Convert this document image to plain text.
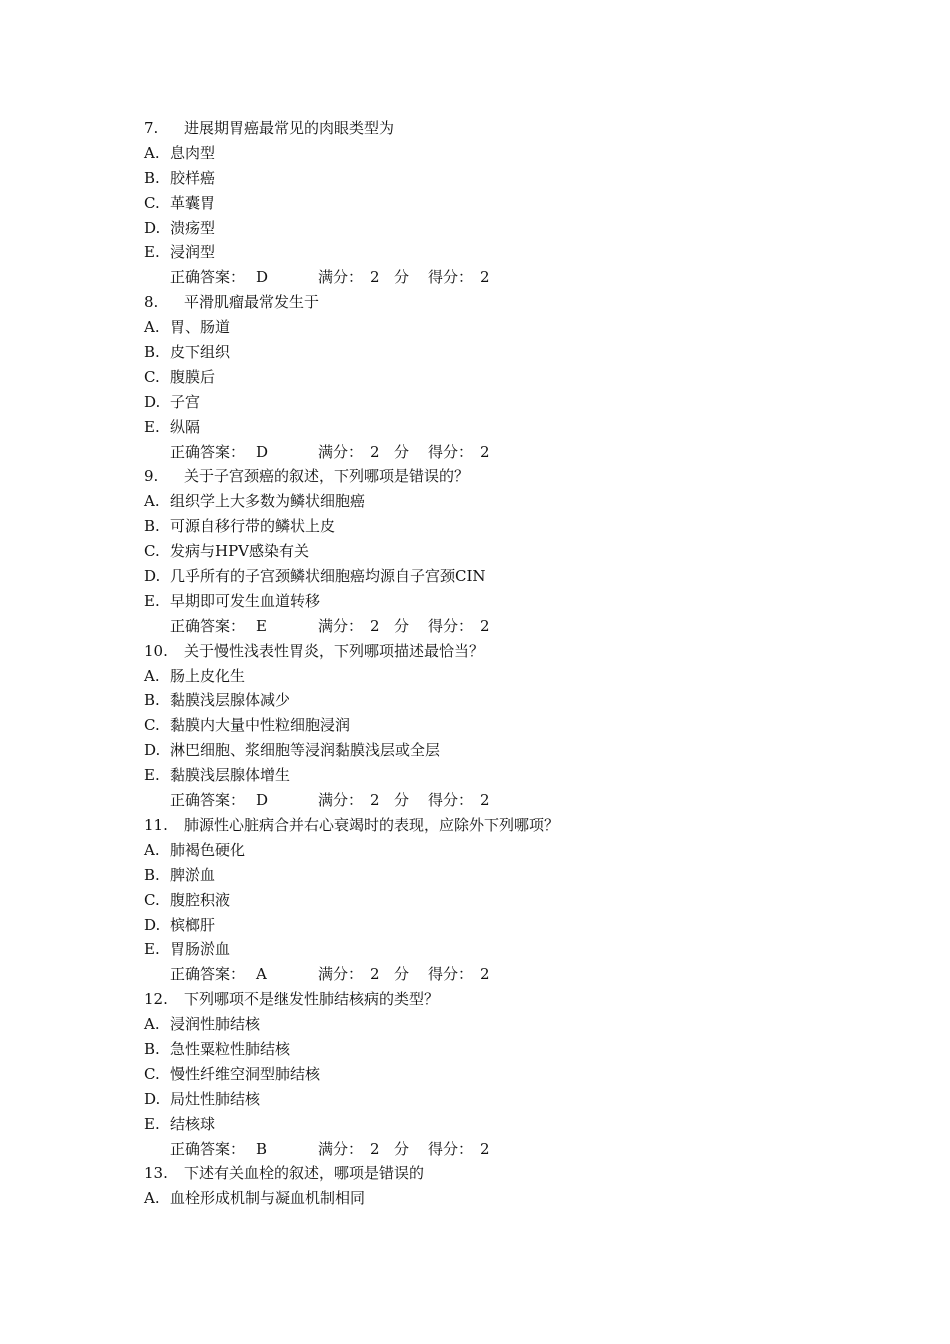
7. 进展期胃癌最常见的肉眼类型为
A. 息肉型
B. 胶样癌
C. 革囊胃
D. 溃疡型
E. 浸润型
正确答案： D	满分： 2 分 得分： 2
8. 平滑肌瘤最常发生于
A. 胃、肠道
B. 皮下组织
C. 腹膜后
D. 子宫
E. 纵隔
正确答案： D	满分： 2 分 得分： 2
9. 关于子宫颈癌的叙述，下列哪项是错误的？
A. 组织学上大多数为鳞状细胞癌
B. 可源自移行带的鳞状上皮
C. 发病与HPV感染有关
D. 几乎所有的子宫颈鳞状细胞癌均源自子宫颈CIN
E. 早期即可发生血道转移
正确答案： E	满分： 2 分 得分： 2
10. 关于慢性浅表性胃炎，下列哪项描述最恰当？
A. 肠上皮化生
B. 黏膜浅层腺体减少
C. 黏膜内大量中性粒细胞浸润
D. 淋巴细胞、浆细胞等浸润黏膜浅层或全层
E. 黏膜浅层腺体增生
正确答案： D	满分： 2 分 得分： 2
11. 肺源性心脏病合并右心衰竭时的表现，应除外下列哪项？
A. 肺褐色硬化
B. 脾淤血
C. 腹腔积液
D. 槟榔肝
E. 胃肠淤血
正确答案： A	满分： 2 分 得分： 2
12. 下列哪项不是继发性肺结核病的类型？
A. 浸润性肺结核
B. 急性粟粒性肺结核
C. 慢性纤维空洞型肺结核
D. 局灶性肺结核
E. 结核球
正确答案： B	满分： 2 分 得分： 2
13. 下述有关血栓的叙述，哪项是错误的
A. 血栓形成机制与凝血机制相同
